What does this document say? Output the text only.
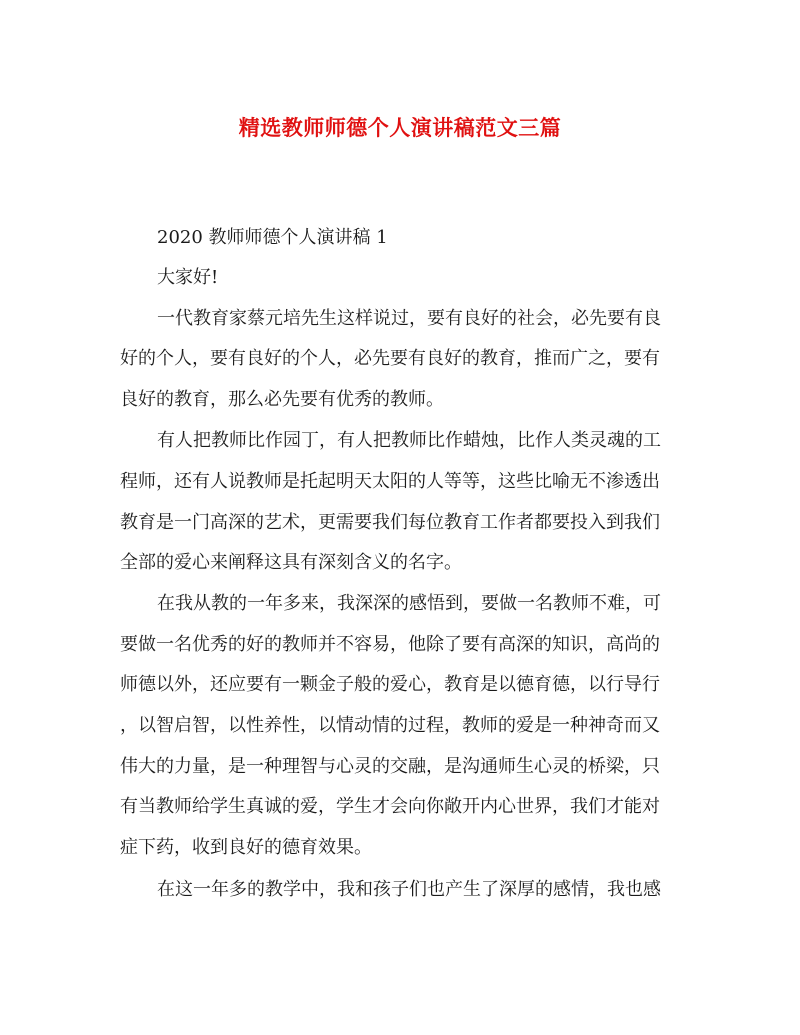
精选教师师德个人演讲稿范文三篇
2020 教师师德个人演讲稿 1
大家好!
一代教育家蔡元培先生这样说过，要有良好的社会，必先要有良
好的个人，要有良好的个人，必先要有良好的教育，推而广之，要有
良好的教育，那么必先要有优秀的教师。
有人把教师比作园丁，有人把教师比作蜡烛，比作人类灵魂的工
程师，还有人说教师是托起明天太阳的人等等，这些比喻无不渗透出
教育是一门高深的艺术，更需要我们每位教育工作者都要投入到我们
全部的爱心来阐释这具有深刻含义的名字。
在我从教的一年多来，我深深的感悟到，要做一名教师不难，可
要做一名优秀的好的教师并不容易，他除了要有高深的知识，高尚的
师德以外，还应要有一颗金子般的爱心，教育是以德育德，以行导行
，以智启智，以性养性，以情动情的过程，教师的爱是一种神奇而又
伟大的力量，是一种理智与心灵的交融，是沟通师生心灵的桥梁，只
有当教师给学生真诚的爱，学生才会向你敞开内心世界，我们才能对
症下药，收到良好的德育效果。
在这一年多的教学中，我和孩子们也产生了深厚的感情，我也感
